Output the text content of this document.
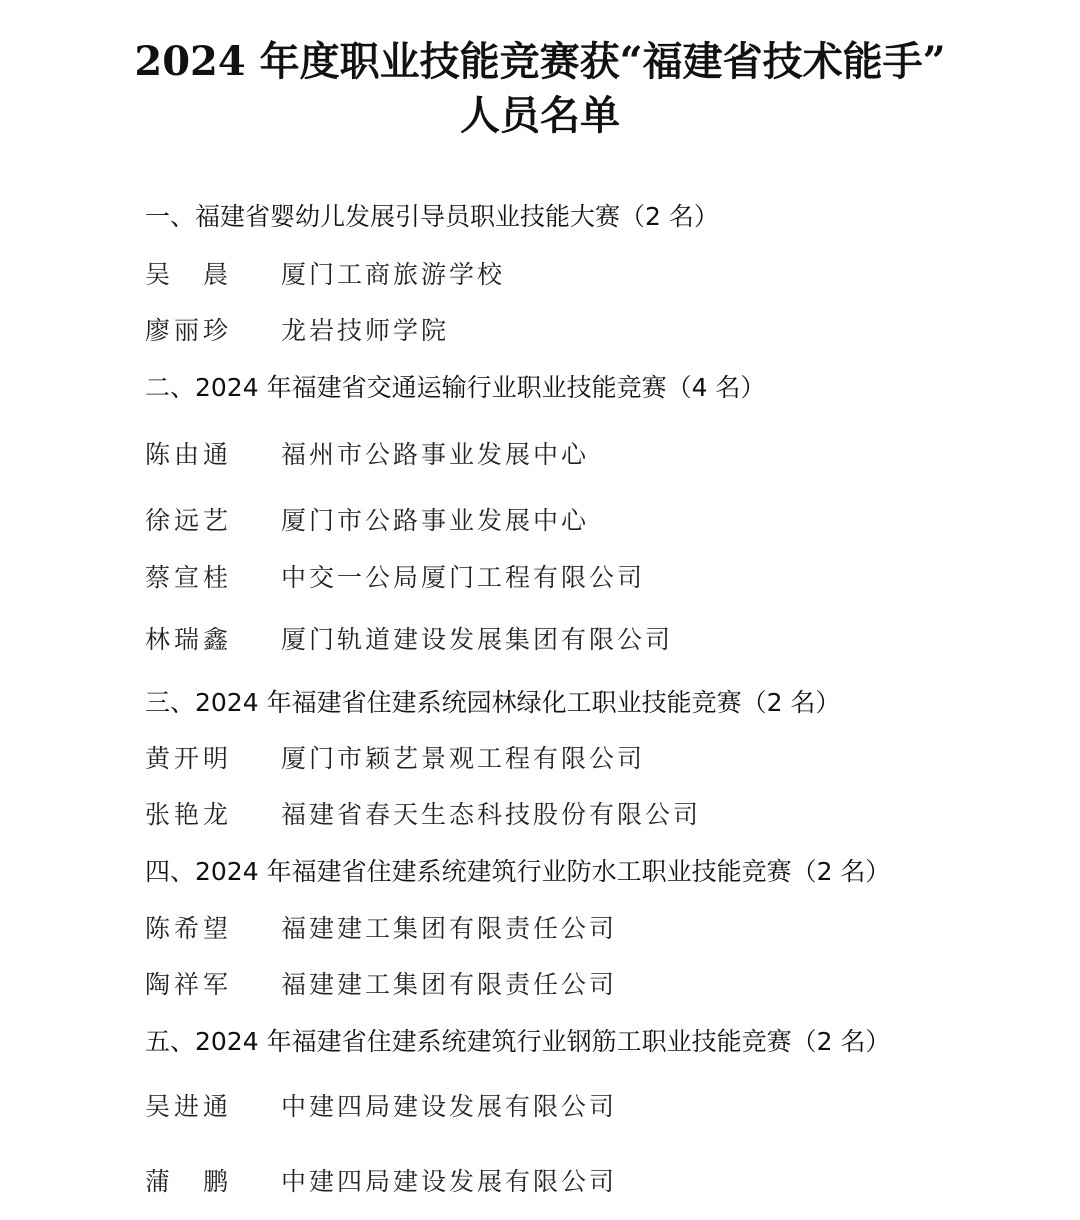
2024 年度职业技能竞赛获“福建省技术能手”
人员名单
一、福建省婴幼儿发展引导员职业技能大赛（2 名）
吴　晨	厦门工商旅游学校
廖丽珍	龙岩技师学院
二、2024 年福建省交通运输行业职业技能竞赛（4 名）
陈由通	福州市公路事业发展中心
徐远艺	厦门市公路事业发展中心
蔡宣桂	中交一公局厦门工程有限公司
林瑞鑫	厦门轨道建设发展集团有限公司
三、2024 年福建省住建系统园林绿化工职业技能竞赛（2 名）
黄开明	厦门市颖艺景观工程有限公司
张艳龙	福建省春天生态科技股份有限公司
四、2024 年福建省住建系统建筑行业防水工职业技能竞赛（2 名）
陈希望	福建建工集团有限责任公司
陶祥军	福建建工集团有限责任公司
五、2024 年福建省住建系统建筑行业钢筋工职业技能竞赛（2 名）
吴进通	中建四局建设发展有限公司
蒲　鹏	中建四局建设发展有限公司
